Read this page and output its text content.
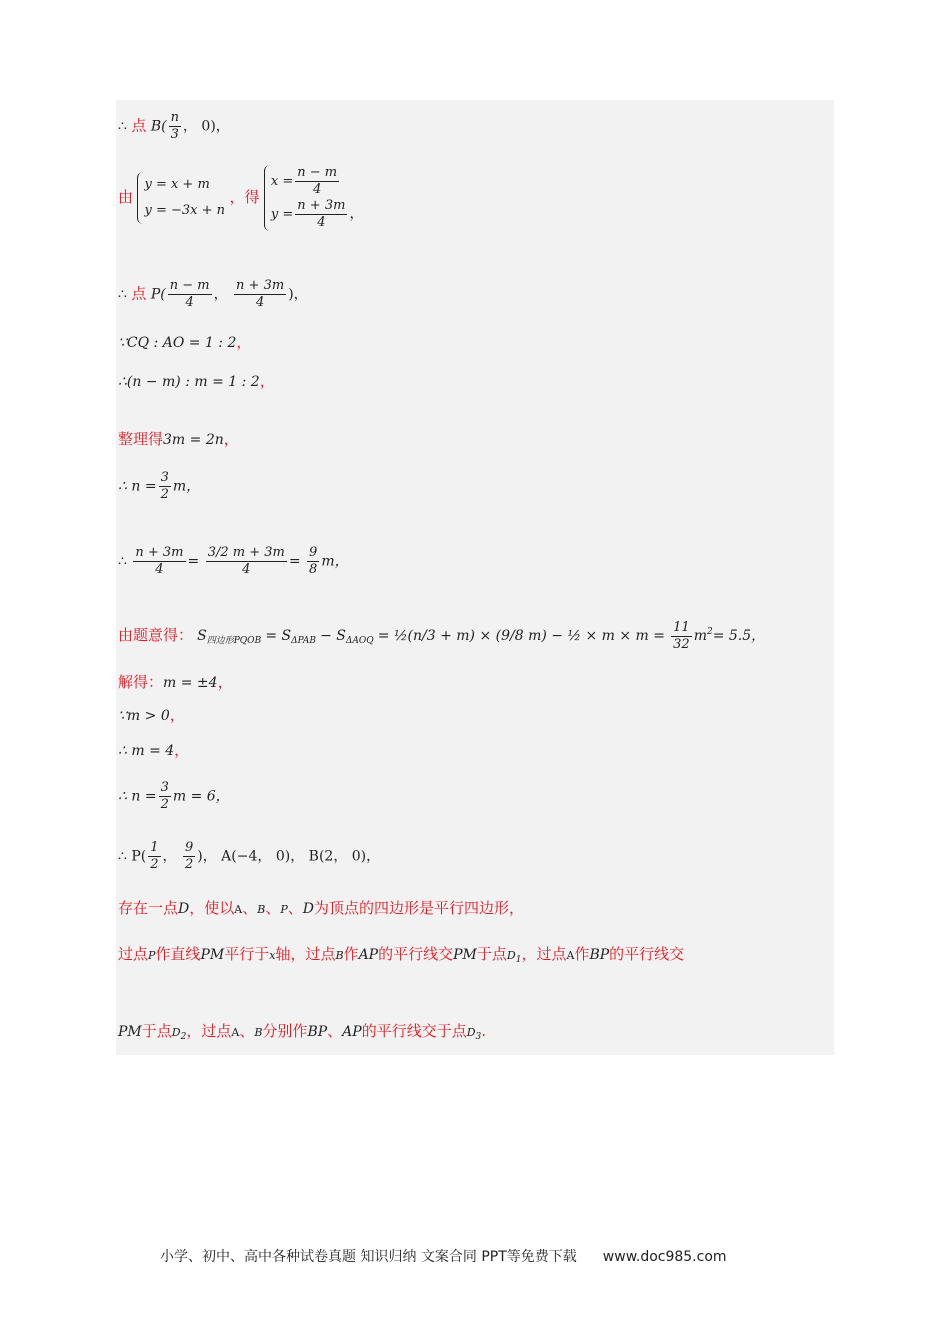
∴ 点 $B( \frac{n}{3}$ ， 0)，
由
y = x + m
y = −3x + n
，得
$x = \frac{n - m}{4}$
$y = \frac{n + 3m}{4}$ ，
∴ 点 $P( \frac{n - m}{4}$ ， $\frac{n + 3m}{4}$ )，
∵CQ : AO = 1 : 2，
∴(n − m) : m = 1 : 2，
整理得3m = 2n，
∴ $n = \frac{3}{2}$ m，
∴ $\frac{n + 3m}{4} = \frac{3/2 m + 3m}{4} = \frac{9}{8}$ m，
由题意得： $S_{四边形PQOB} = S_{\Delta PAB} - S_{\Delta AOQ}$ = ½(n/3 + m) × (9/8 m) − ½ × $m \times m = \frac{11}{32} m^2= 5.5$，
解得：m = ±4，
∵m > 0，
∴ m = 4，
∴ $n = \frac{3}{2}$ m = 6，
∴ $P( \frac{1}{2}$ ， $\frac{9}{2}$ )， A(−4， 0)， B(2， 0)，
存在一点D，使以A、B、P、D为顶点的四边形是平行四边形，
过点P作直线PM平行于x轴，过点B作AP的平行线交PM于点$D_1$，过点A作BP的平行线交
PM于点$D_2$，过点A、B分别作BP、AP的平行线交于点$D_3$.
小学、初中、高中各种试卷真题 知识归纳 文案合同 PPT等免费下载 www.doc985.com
